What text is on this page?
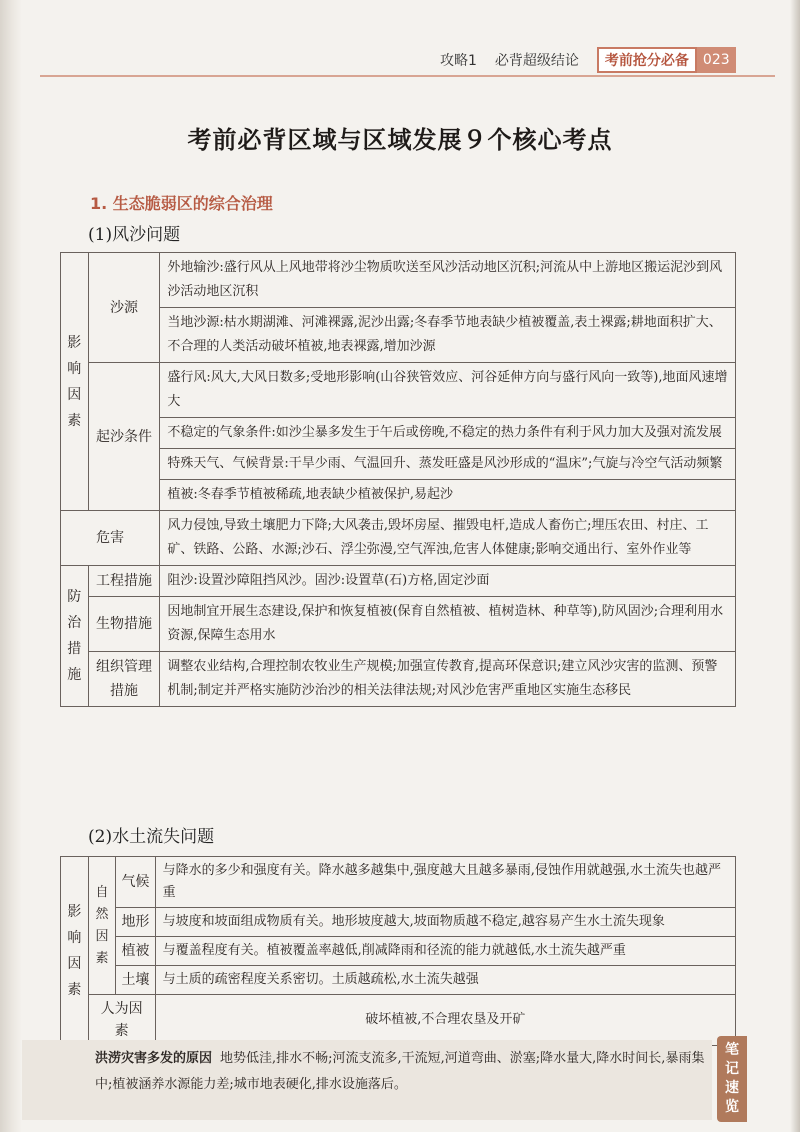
攻略1 必背超级结论	考前抢分必备	023
考前必背区域与区域发展９个核心考点
1. 生态脆弱区的综合治理
(1)风沙问题
影
响
因
素	沙源	外地输沙:盛行风从上风地带将沙尘物质吹送至风沙活动地区沉积;河流从中上游地区搬运泥沙到风沙活动地区沉积
		当地沙源:枯水期湖滩、河滩裸露,泥沙出露;冬春季节地表缺少植被覆盖,表土裸露;耕地面积扩大、不合理的人类活动破坏植被,地表裸露,增加沙源
	起沙条件	盛行风:风大,大风日数多;受地形影响(山谷狭管效应、河谷延伸方向与盛行风向一致等),地面风速增大
		不稳定的气象条件:如沙尘暴多发生于午后或傍晚,不稳定的热力条件有利于风力加大及强对流发展
		特殊天气、气候背景:干旱少雨、气温回升、蒸发旺盛是风沙形成的“温床”;气旋与冷空气活动频繁
		植被:冬春季节植被稀疏,地表缺少植被保护,易起沙
危害		风力侵蚀,导致土壤肥力下降;大风袭击,毁坏房屋、摧毁电杆,造成人畜伤亡;埋压农田、村庄、工矿、铁路、公路、水源;沙石、浮尘弥漫,空气浑浊,危害人体健康;影响交通出行、室外作业等

防
治
措
施	工程措施	阻沙:设置沙障阻挡风沙。固沙:设置草(石)方格,固定沙面
	生物措施	因地制宜开展生态建设,保护和恢复植被(保育自然植被、植树造林、种草等),防风固沙;合理利用水资源,保障生态用水
	组织管理措施	调整农业结构,合理控制农牧业生产规模;加强宣传教育,提高环保意识;建立风沙灾害的监测、预警机制;制定并严格实施防沙治沙的相关法律法规;对风沙危害严重地区实施生态移民
(2)水土流失问题
影
响
因
素	自
然
因
素	气候	与降水的多少和强度有关。降水越多越集中,强度越大且越多暴雨,侵蚀作用就越强,水土流失也越严重
		地形	与坡度和坡面组成物质有关。地形坡度越大,坡面物质越不稳定,越容易产生水土流失现象
		植被	与覆盖程度有关。植被覆盖率越低,削减降雨和径流的能力就越低,水土流失越严重
		土壤	与土质的疏密程度关系密切。土质越疏松,水土流失越强
	人为因素		破坏植被,不合理农垦及开矿
洪涝灾害多发的原因 地势低洼,排水不畅;河流支流多,干流短,河道弯曲、淤塞;降水量大,降水时间长,暴雨集中;植被涵养水源能力差;城市地表硬化,排水设施落后。
笔
记
速
览
